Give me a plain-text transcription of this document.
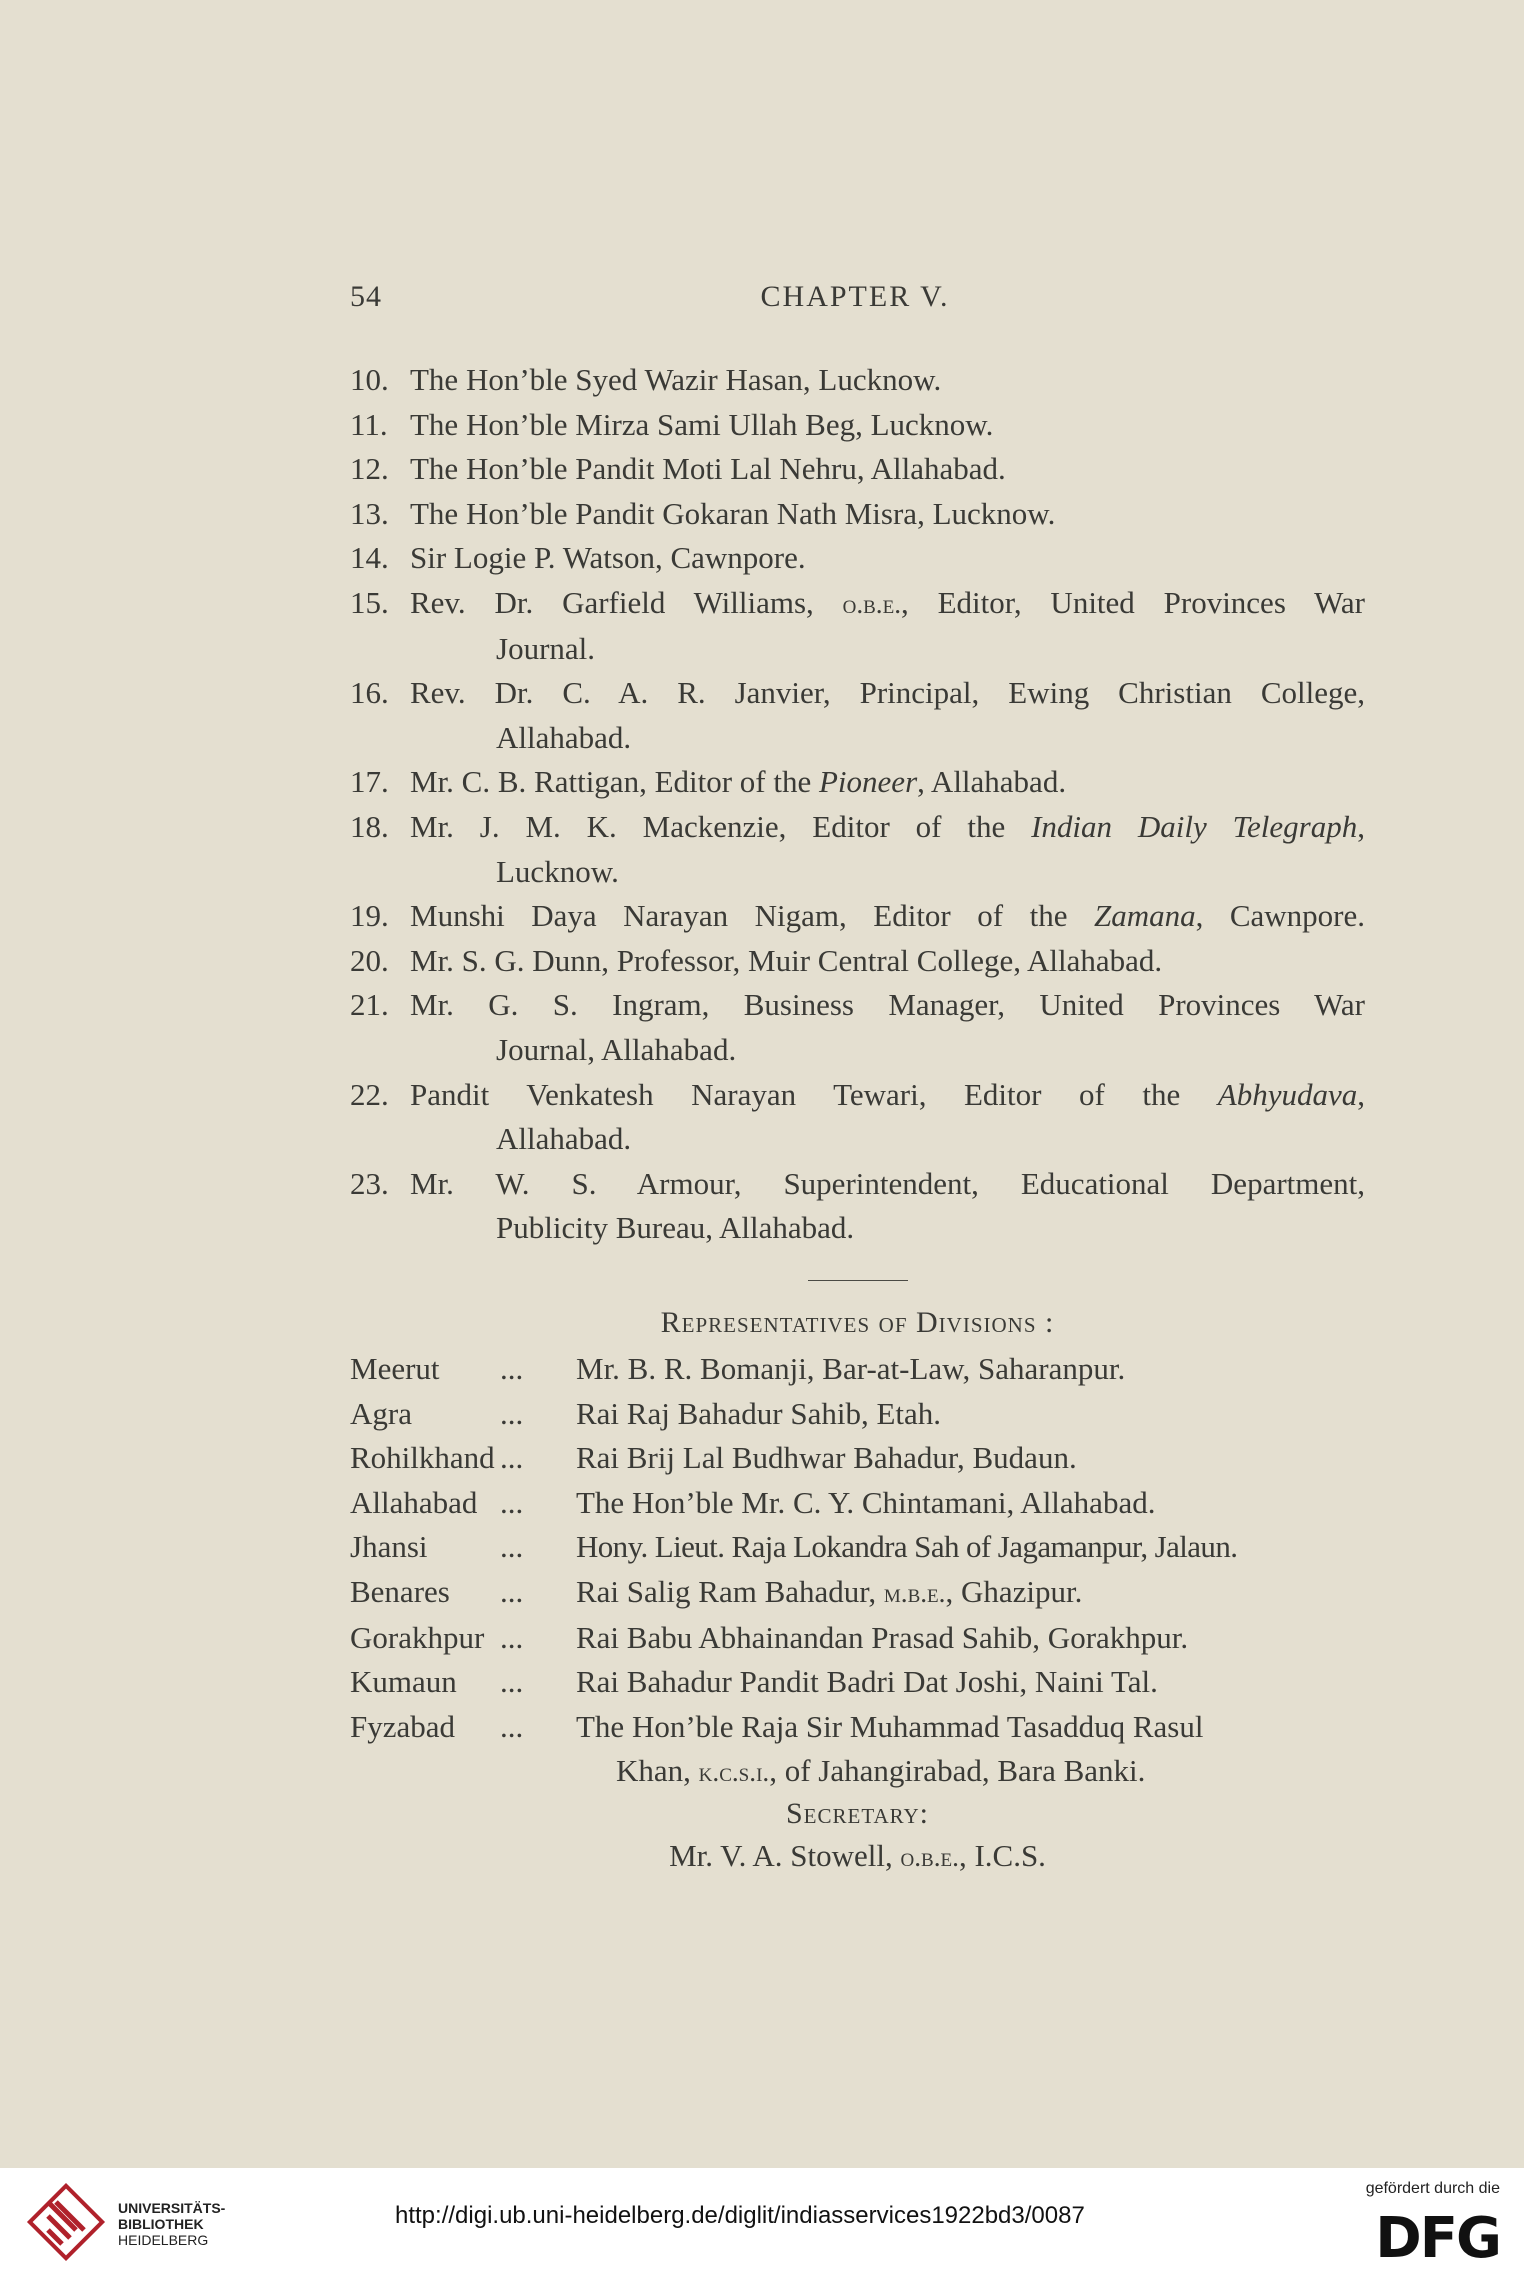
54	CHAPTER V.
10. The Hon’ble Syed Wazir Hasan, Lucknow.
11. The Hon’ble Mirza Sami Ullah Beg, Lucknow.
12. The Hon’ble Pandit Moti Lal Nehru, Allahabad.
13. The Hon’ble Pandit Gokaran Nath Misra, Lucknow.
14. Sir Logie P. Watson, Cawnpore.
15. Rev. Dr. Garfield Williams, o.b.e., Editor, United Provinces War
Journal.
16. Rev. Dr. C. A. R. Janvier, Principal, Ewing Christian College,
Allahabad.
17. Mr. C. B. Rattigan, Editor of the Pioneer, Allahabad.
18. Mr. J. M. K. Mackenzie, Editor of the Indian Daily Telegraph,
Lucknow.
19. Munshi Daya Narayan Nigam, Editor of the Zamana, Cawnpore.
20. Mr. S. G. Dunn, Professor, Muir Central College, Allahabad.
21. Mr. G. S. Ingram, Business Manager, United Provinces War
Journal, Allahabad.
22. Pandit Venkatesh Narayan Tewari, Editor of the Abhyudava,
Allahabad.
23. Mr. W. S. Armour, Superintendent, Educational Department,
Publicity Bureau, Allahabad.
Representatives of Divisions :
Meerut	...	Mr. B. R. Bomanji, Bar-at-Law, Saharanpur.
Agra	...	Rai Raj Bahadur Sahib, Etah.
Rohilkhand ...	Rai Brij Lal Budhwar Bahadur, Budaun.
Allahabad ...	The Hon’ble Mr. C. Y. Chintamani, Allahabad.
Jhansi	...	Hony. Lieut. Raja Lokandra Sah of Jagamanpur, Jalaun.
Benares	...	Rai Salig Ram Bahadur, m.b.e., Ghazipur.
Gorakhpur ...	Rai Babu Abhainandan Prasad Sahib, Gorakhpur.
Kumaun	...	Rai Bahadur Pandit Badri Dat Joshi, Naini Tal.
Fyzabad	...	The Hon’ble Raja Sir Muhammad Tasadduq Rasul
Khan, k.c.s.i., of Jahangirabad, Bara Banki.
Secretary:
Mr. V. A. Stowell, o.b.e., I.C.S.
UNIVERSITÄTS-
BIBLIOTHEK
HEIDELBERG
http://digi.ub.uni-heidelberg.de/diglit/indiasservices1922bd3/0087
gefördert durch die
DFG
